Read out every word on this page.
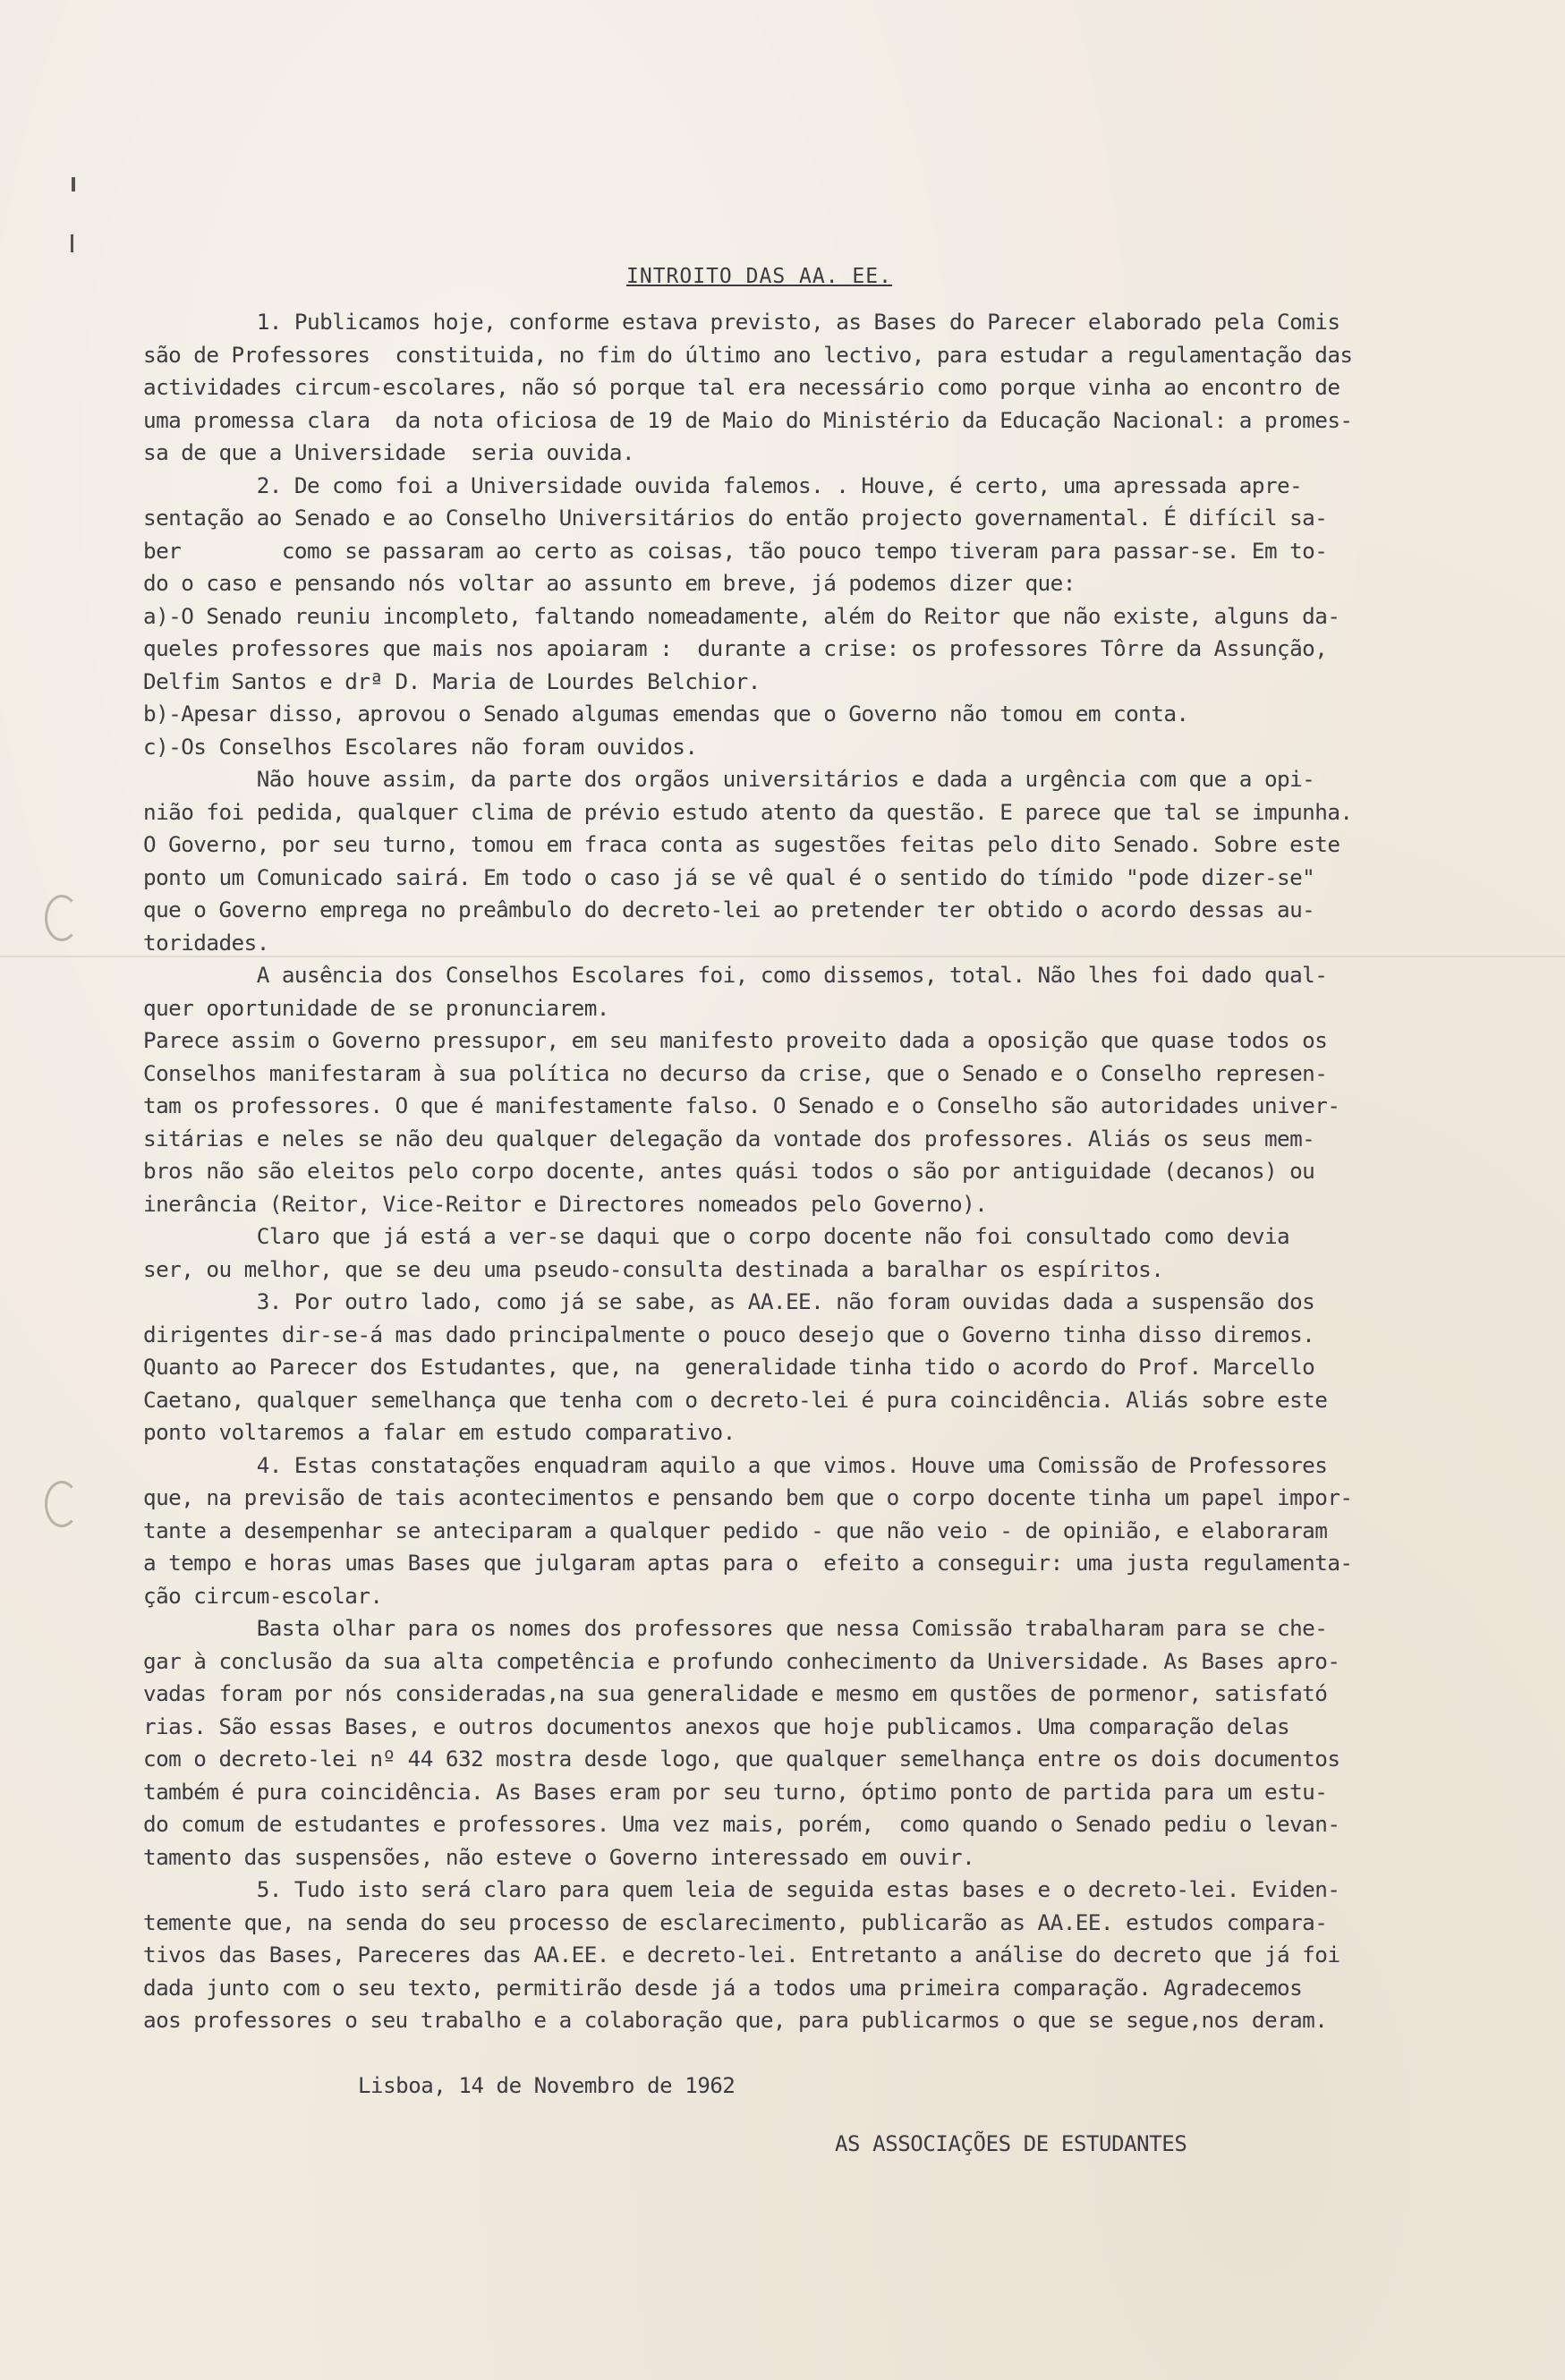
INTROITO DAS AA. EE.
1. Publicamos hoje, conforme estava previsto, as Bases do Parecer elaborado pela Comis
são de Professores  constituida, no fim do último ano lectivo, para estudar a regulamentação das
actividades circum-escolares, não só porque tal era necessário como porque vinha ao encontro de
uma promessa clara  da nota oficiosa de 19 de Maio do Ministério da Educação Nacional: a promes-
sa de que a Universidade  seria ouvida.
2. De como foi a Universidade ouvida falemos. . Houve, é certo, uma apressada apre-
sentação ao Senado e ao Conselho Universitários do então projecto governamental. É difícil sa-
ber        como se passaram ao certo as coisas, tão pouco tempo tiveram para passar-se. Em to-
do o caso e pensando nós voltar ao assunto em breve, já podemos dizer que:
a)-O Senado reuniu incompleto, faltando nomeadamente, além do Reitor que não existe, alguns da-
queles professores que mais nos apoiaram :  durante a crise: os professores Tôrre da Assunção,
Delfim Santos e drª D. Maria de Lourdes Belchior.
b)-Apesar disso, aprovou o Senado algumas emendas que o Governo não tomou em conta.
c)-Os Conselhos Escolares não foram ouvidos.
Não houve assim, da parte dos orgãos universitários e dada a urgência com que a opi-
nião foi pedida, qualquer clima de prévio estudo atento da questão. E parece que tal se impunha.
O Governo, por seu turno, tomou em fraca conta as sugestões feitas pelo dito Senado. Sobre este
ponto um Comunicado sairá. Em todo o caso já se vê qual é o sentido do tímido "pode dizer-se"
que o Governo emprega no preâmbulo do decreto-lei ao pretender ter obtido o acordo dessas au-
toridades.
A ausência dos Conselhos Escolares foi, como dissemos, total. Não lhes foi dado qual-
quer oportunidade de se pronunciarem.
Parece assim o Governo pressupor, em seu manifesto proveito dada a oposição que quase todos os
Conselhos manifestaram à sua política no decurso da crise, que o Senado e o Conselho represen-
tam os professores. O que é manifestamente falso. O Senado e o Conselho são autoridades univer-
sitárias e neles se não deu qualquer delegação da vontade dos professores. Aliás os seus mem-
bros não são eleitos pelo corpo docente, antes quási todos o são por antiguidade (decanos) ou
inerância (Reitor, Vice-Reitor e Directores nomeados pelo Governo).
Claro que já está a ver-se daqui que o corpo docente não foi consultado como devia
ser, ou melhor, que se deu uma pseudo-consulta destinada a baralhar os espíritos.
3. Por outro lado, como já se sabe, as AA.EE. não foram ouvidas dada a suspensão dos
dirigentes dir-se-á mas dado principalmente o pouco desejo que o Governo tinha disso diremos.
Quanto ao Parecer dos Estudantes, que, na  generalidade tinha tido o acordo do Prof. Marcello
Caetano, qualquer semelhança que tenha com o decreto-lei é pura coincidência. Aliás sobre este
ponto voltaremos a falar em estudo comparativo.
4. Estas constatações enquadram aquilo a que vimos. Houve uma Comissão de Professores
que, na previsão de tais acontecimentos e pensando bem que o corpo docente tinha um papel impor-
tante a desempenhar se anteciparam a qualquer pedido - que não veio - de opinião, e elaboraram
a tempo e horas umas Bases que julgaram aptas para o  efeito a conseguir: uma justa regulamenta-
ção circum-escolar.
Basta olhar para os nomes dos professores que nessa Comissão trabalharam para se che-
gar à conclusão da sua alta competência e profundo conhecimento da Universidade. As Bases apro-
vadas foram por nós consideradas,na sua generalidade e mesmo em qustões de pormenor, satisfató
rias. São essas Bases, e outros documentos anexos que hoje publicamos. Uma comparação delas
com o decreto-lei nº 44 632 mostra desde logo, que qualquer semelhança entre os dois documentos
também é pura coincidência. As Bases eram por seu turno, óptimo ponto de partida para um estu-
do comum de estudantes e professores. Uma vez mais, porém,  como quando o Senado pediu o levan-
tamento das suspensões, não esteve o Governo interessado em ouvir.
5. Tudo isto será claro para quem leia de seguida estas bases e o decreto-lei. Eviden-
temente que, na senda do seu processo de esclarecimento, publicarão as AA.EE. estudos compara-
tivos das Bases, Pareceres das AA.EE. e decreto-lei. Entretanto a análise do decreto que já foi
dada junto com o seu texto, permitirão desde já a todos uma primeira comparação. Agradecemos
aos professores o seu trabalho e a colaboração que, para publicarmos o que se segue,nos deram.
Lisboa, 14 de Novembro de 1962
AS ASSOCIAÇÕES DE ESTUDANTES
